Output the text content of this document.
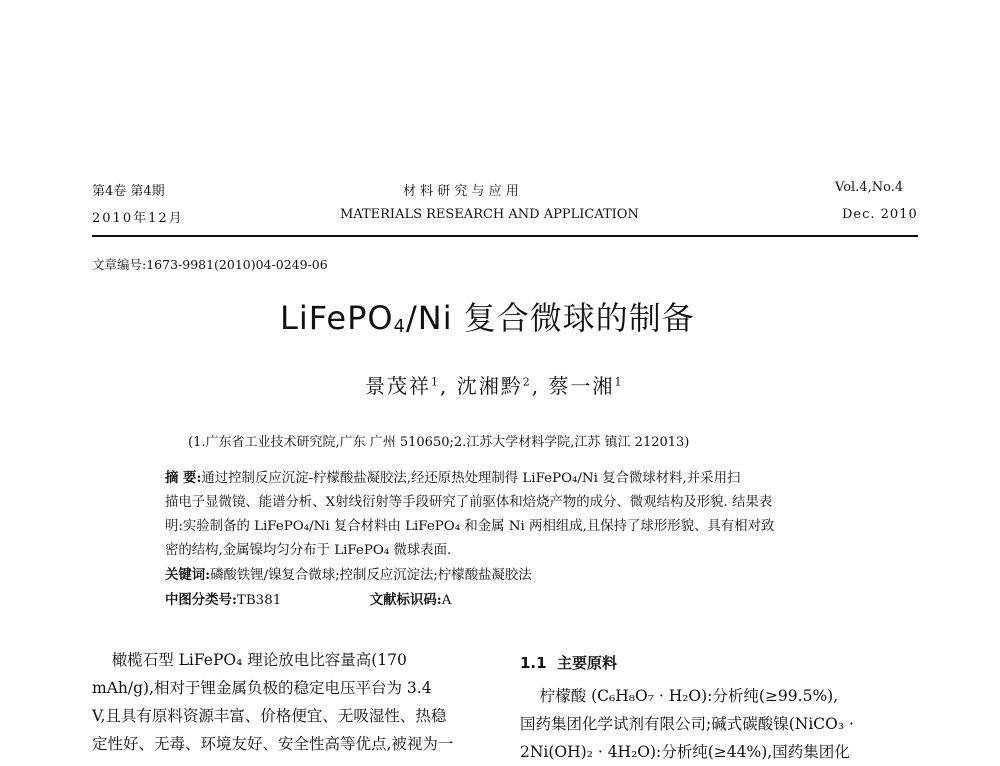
第4卷 第4期
2010年12月
材 料 研 究 与 应 用
MATERIALS RESEARCH AND APPLICATION
Vol.4,No.4
Dec. 2010
文章编号:1673-9981(2010)04-0249-06
LiFePO$_4$/Ni 复合微球的制备
景茂祥$^1$, 沈湘黔$^2$, 蔡一湘$^1$
(1.广东省工业技术研究院,广东 广州 510650;2.江苏大学材料学院,江苏 镇江 212013)
摘 要:通过控制反应沉淀-柠檬酸盐凝胶法,经还原热处理制得 LiFePO₄/Ni 复合微球材料,并采用扫
描电子显微镜、能谱分析、X射线衍射等手段研究了前驱体和焙烧产物的成分、微观结构及形貌. 结果表
明:实验制备的 LiFePO₄/Ni 复合材料由 LiFePO₄ 和金属 Ni 两相组成,且保持了球形形貌、具有相对致
密的结构,金属镍均匀分布于 LiFePO₄ 微球表面.
关键词:磷酸铁锂/镍复合微球;控制反应沉淀法;柠檬酸盐凝胶法
中图分类号:TB381	文献标识码:A
橄榄石型 LiFePO₄ 理论放电比容量高(170
mAh/g),相对于锂金属负极的稳定电压平台为 3.4
V,且具有原料资源丰富、价格便宜、无吸湿性、热稳
定性好、无毒、环境友好、安全性高等优点,被视为一
1.1  主要原料
柠檬酸 (C₆H₈O₇ · H₂O):分析纯(≥99.5%),
国药集团化学试剂有限公司;碱式碳酸镍(NiCO₃ ·
2Ni(OH)₂ · 4H₂O):分析纯(≥44%),国药集团化
